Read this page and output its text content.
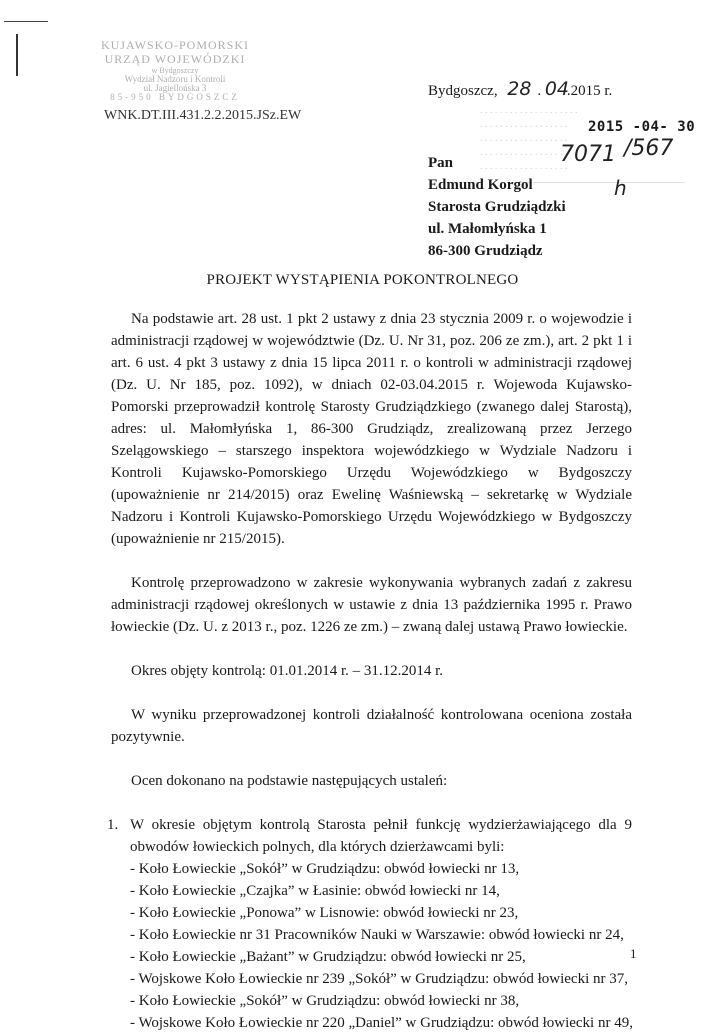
KUJAWSKO-POMORSKI
URZĄD WOJEWÓDZKI
w Bydgoszczy
Wydział Nadzoru i Kontroli
ul. Jagiellońska 3
85-950 BYDGOSZCZ
WNK.DT.III.431.2.2.2015.JSz.EW
Bydgoszcz, 28 . 04.2015 r.
. . . . . . . . . . . . . . . . . . . .
. . . . . . . . . . . . . . . . . .
. . . . . . . . . . . . . . . . . .
. . . . . . . . . . . . . . . . . .
. . . . . . . . . . . . . . . . . .
2015 -04- 30
7071 /567
h
Pan
Edmund Korgol
Starosta Grudziądzki
ul. Małomłyńska 1
86-300 Grudziądz
PROJEKT WYSTĄPIENIA POKONTROLNEGO

Na podstawie art. 28 ust. 1 pkt 2 ustawy z dnia 23 stycznia 2009 r. o wojewodzie i administracji rządowej w województwie (Dz. U. Nr 31, poz. 206 ze zm.), art. 2 pkt 1 i art. 6 ust. 4 pkt 3 ustawy z dnia 15 lipca 2011 r. o kontroli w administracji rządowej (Dz. U. Nr 185, poz. 1092), w dniach 02-03.04.2015 r. Wojewoda Kujawsko-Pomorski przeprowadził kontrolę Starosty Grudziądzkiego (zwanego dalej Starostą), adres: ul. Małomłyńska 1, 86-300 Grudziądz, zrealizowaną przez Jerzego Szelągowskiego – starszego inspektora wojewódzkiego w Wydziale Nadzoru i Kontroli Kujawsko-Pomorskiego Urzędu Wojewódzkiego w Bydgoszczy (upoważnienie nr 214/2015) oraz Ewelinę Waśniewską – sekretarkę w Wydziale Nadzoru i Kontroli Kujawsko-Pomorskiego Urzędu Wojewódzkiego w Bydgoszczy (upoważnienie nr 215/2015).

Kontrolę przeprowadzono w zakresie wykonywania wybranych zadań z zakresu administracji rządowej określonych w ustawie z dnia 13 października 1995 r. Prawo łowieckie (Dz. U. z 2013 r., poz. 1226 ze zm.) – zwaną dalej ustawą Prawo łowieckie.

Okres objęty kontrolą: 01.01.2014 r. – 31.12.2014 r.

W wyniku przeprowadzonej kontroli działalność kontrolowana oceniona została pozytywnie.

Ocen dokonano na podstawie następujących ustaleń:

1. W okresie objętym kontrolą Starosta pełnił funkcję wydzierżawiającego dla 9 obwodów łowieckich polnych, dla których dzierżawcami byli:
- Koło Łowieckie „Sokół” w Grudziądzu: obwód łowiecki nr 13,
- Koło Łowieckie „Czajka” w Łasinie: obwód łowiecki nr 14,
- Koło Łowieckie „Ponowa” w Lisnowie: obwód łowiecki nr 23,
- Koło Łowieckie nr 31 Pracowników Nauki w Warszawie: obwód łowiecki nr 24,
- Koło Łowieckie „Bażant” w Grudziądzu: obwód łowiecki nr 25,
- Wojskowe Koło Łowieckie nr 239 „Sokół” w Grudziądzu: obwód łowiecki nr 37,
- Koło Łowieckie „Sokół” w Grudziądzu: obwód łowiecki nr 38,
- Wojskowe Koło Łowieckie nr 220 „Daniel” w Grudziądzu: obwód łowiecki nr 49,
1
